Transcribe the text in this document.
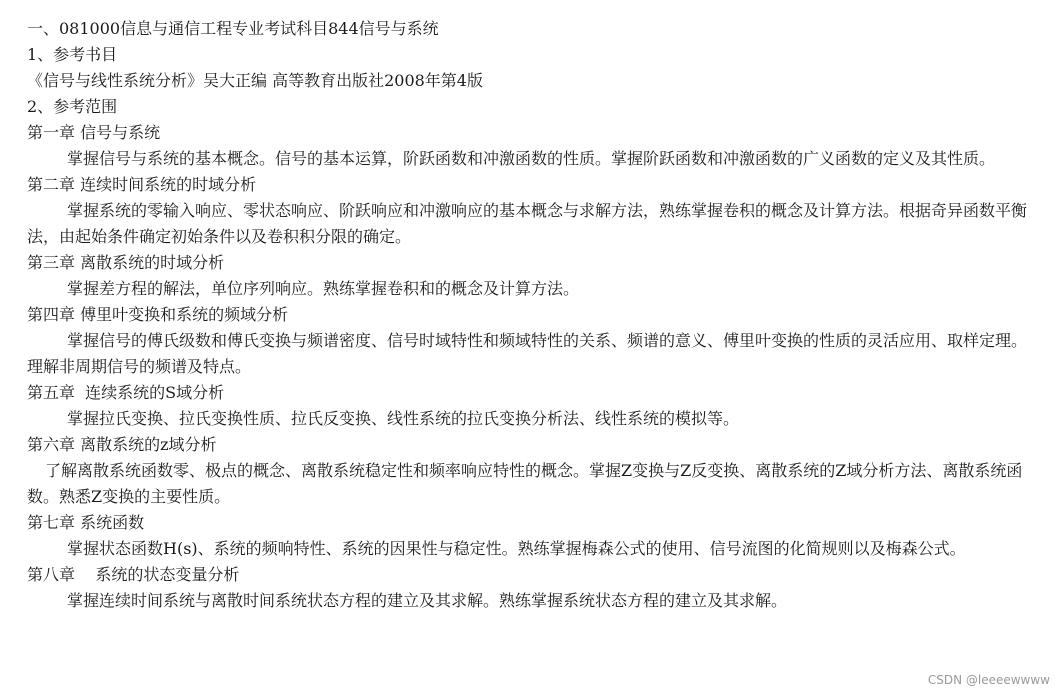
一、081000信息与通信工程专业考试科目844信号与系统

1、参考书目

《信号与线性系统分析》吴大正编 高等教育出版社2008年第4版

2、参考范围

第一章 信号与系统

掌握信号与系统的基本概念。信号的基本运算，阶跃函数和冲激函数的性质。掌握阶跃函数和冲激函数的广义函数的定义及其性质。

第二章 连续时间系统的时域分析

掌握系统的零输入响应、零状态响应、阶跃响应和冲激响应的基本概念与求解方法，熟练掌握卷积的概念及计算方法。根据奇异函数平衡法，由起始条件确定初始条件以及卷积积分限的确定。

第三章 离散系统的时域分析

掌握差方程的解法，单位序列响应。熟练掌握卷积和的概念及计算方法。

第四章 傅里叶变换和系统的频域分析

掌握信号的傅氏级数和傅氏变换与频谱密度、信号时域特性和频域特性的关系、频谱的意义、傅里叶变换的性质的灵活应用、取样定理。理解非周期信号的频谱及特点。

第五章  连续系统的S域分析

掌握拉氏变换、拉氏变换性质、拉氏反变换、线性系统的拉氏变换分析法、线性系统的模拟等。

第六章 离散系统的z域分析

了解离散系统函数零、极点的概念、离散系统稳定性和频率响应特性的概念。掌握Z变换与Z反变换、离散系统的Z域分析方法、离散系统函数。熟悉Z变换的主要性质。

第七章 系统函数

掌握状态函数H(s)、系统的频响特性、系统的因果性与稳定性。熟练掌握梅森公式的使用、信号流图的化简规则以及梅森公式。

第八章    系统的状态变量分析

掌握连续时间系统与离散时间系统状态方程的建立及其求解。熟练掌握系统状态方程的建立及其求解。

CSDN @leeeewwww
